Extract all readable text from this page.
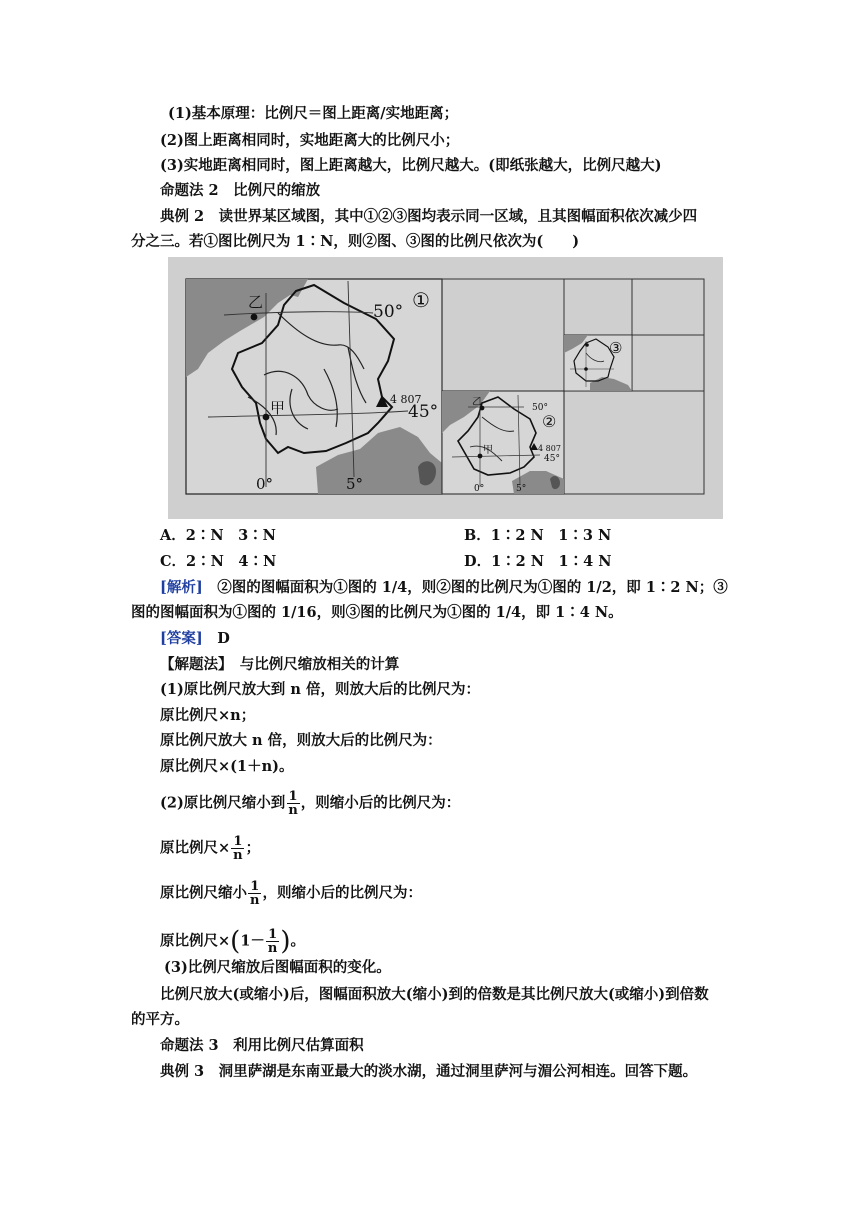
(1)基本原理：比例尺＝图上距离/实地距离；
(2)图上距离相同时，实地距离大的比例尺小；
(3)实地距离相同时，图上距离越大，比例尺越大。(即纸张越大，比例尺越大)
命题法 2　比例尺的缩放
典例 2　读世界某区域图，其中①②③图均表示同一区域，且其图幅面积依次减少四
分之三。若①图比例尺为 1∶N，则②图、③图的比例尺依次为(　　)
乙
甲
50°
45°
4 807
0°	5°
①
乙
甲
50°
45°
4 807
0°	5°
②
③
A．2∶N　3∶N	B．1∶2 N　1∶3 N
C．2∶N　4∶N	D．1∶2 N　1∶4 N
[解析]　②图的图幅面积为①图的 1/4，则②图的比例尺为①图的 1/2，即 1∶2 N；③
图的图幅面积为①图的 1/16，则③图的比例尺为①图的 1/4，即 1∶4 N。
[答案]　D
【解题法】　与比例尺缩放相关的计算
(1)原比例尺放大到 n 倍，则放大后的比例尺为：
原比例尺×n；
原比例尺放大 n 倍，则放大后的比例尺为：
原比例尺×(1＋n)。
(2)原比例尺缩小到 $\frac{1}{n}$ ，则缩小后的比例尺为：
原比例尺× $\frac{1}{n}$ ；
原比例尺缩小 $\frac{1}{n}$ ，则缩小后的比例尺为：
原比例尺$\times(1- \frac{1}{n}$ )。
(3)比例尺缩放后图幅面积的变化。
比例尺放大(或缩小)后，图幅面积放大(缩小)到的倍数是其比例尺放大(或缩小)到倍数
的平方。
命题法 3　利用比例尺估算面积
典例 3　洞里萨湖是东南亚最大的淡水湖，通过洞里萨河与湄公河相连。回答下题。
